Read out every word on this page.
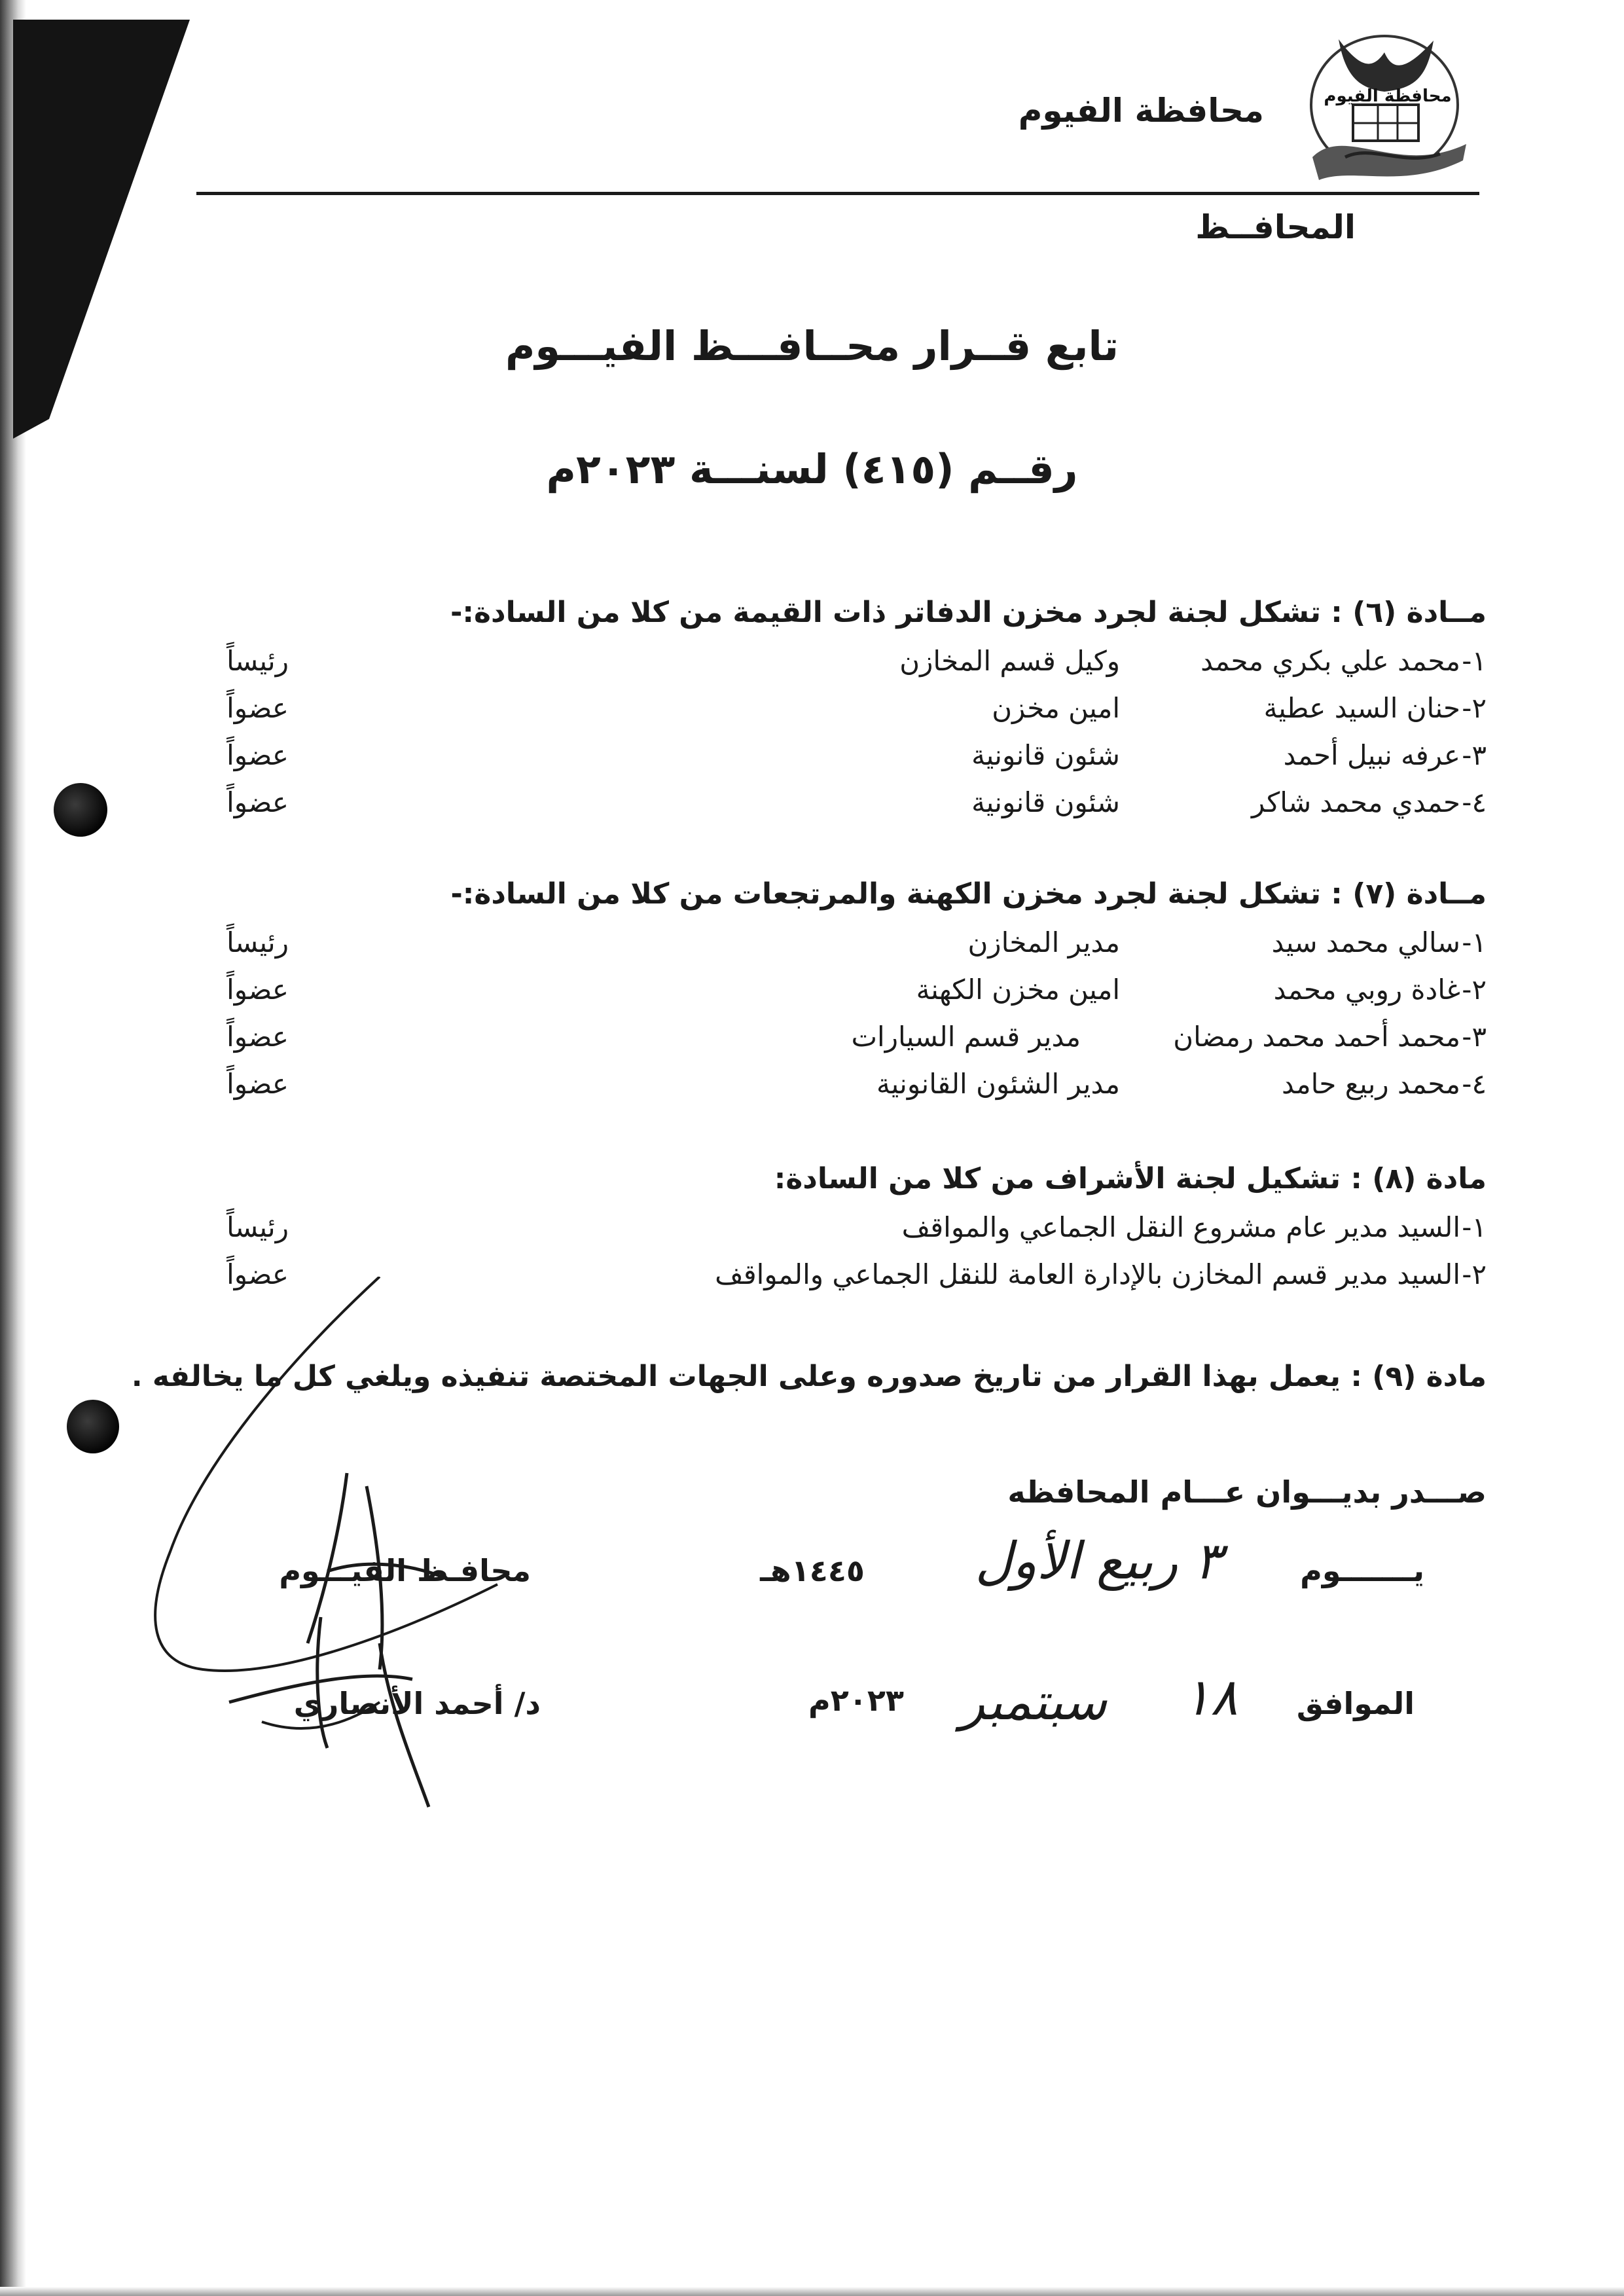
محافظة الفيوم	محافظة الفيوم
المحافــظ
تابع قــرار محــافـــظ الفيـــوم
رقــم (٤١٥) لسنـــة ٢٠٢٣م
مــادة (٦) : تشكل لجنة لجرد مخزن الدفاتر ذات القيمة من كلا من السادة:-
١-
محمد علي بكري محمد
وكيل قسم المخازن
رئيساً
٢-
حنان السيد عطية
امين مخزن
عضواً
٣-
عرفه نبيل أحمد
شئون قانونية
عضواً
٤-
حمدي محمد شاكر
شئون قانونية
عضواً
مــادة (٧) : تشكل لجنة لجرد مخزن الكهنة والمرتجعات من كلا من السادة:-
١-
سالي محمد سيد
مدير المخازن
رئيساً
٢-
غادة روبي محمد
امين مخزن الكهنة
عضواً
٣-
محمد أحمد محمد رمضان
مدير قسم السيارات
عضواً
٤-
محمد ربيع حامد
مدير الشئون القانونية
عضواً
مادة (٨) : تشكيل لجنة الأشراف من كلا من السادة:
١-
السيد مدير عام مشروع النقل الجماعي والمواقف
رئيساً
٢-
السيد مدير قسم المخازن بالإدارة العامة للنقل الجماعي والمواقف
عضواً
مادة (٩) : يعمل بهذا القرار من تاريخ صدوره وعلى الجهات المختصة تنفيذه ويلغي كل ما يخالفه .
صـــدر بديـــوان عـــام المحافظه
يـــــــوم
٣ ربيع الأول
١٤٤٥هـ
الموافق
١٨
سبتمبر
٢٠٢٣م
محافـظ الفيـــوم
د/ أحمد الأنصاري
